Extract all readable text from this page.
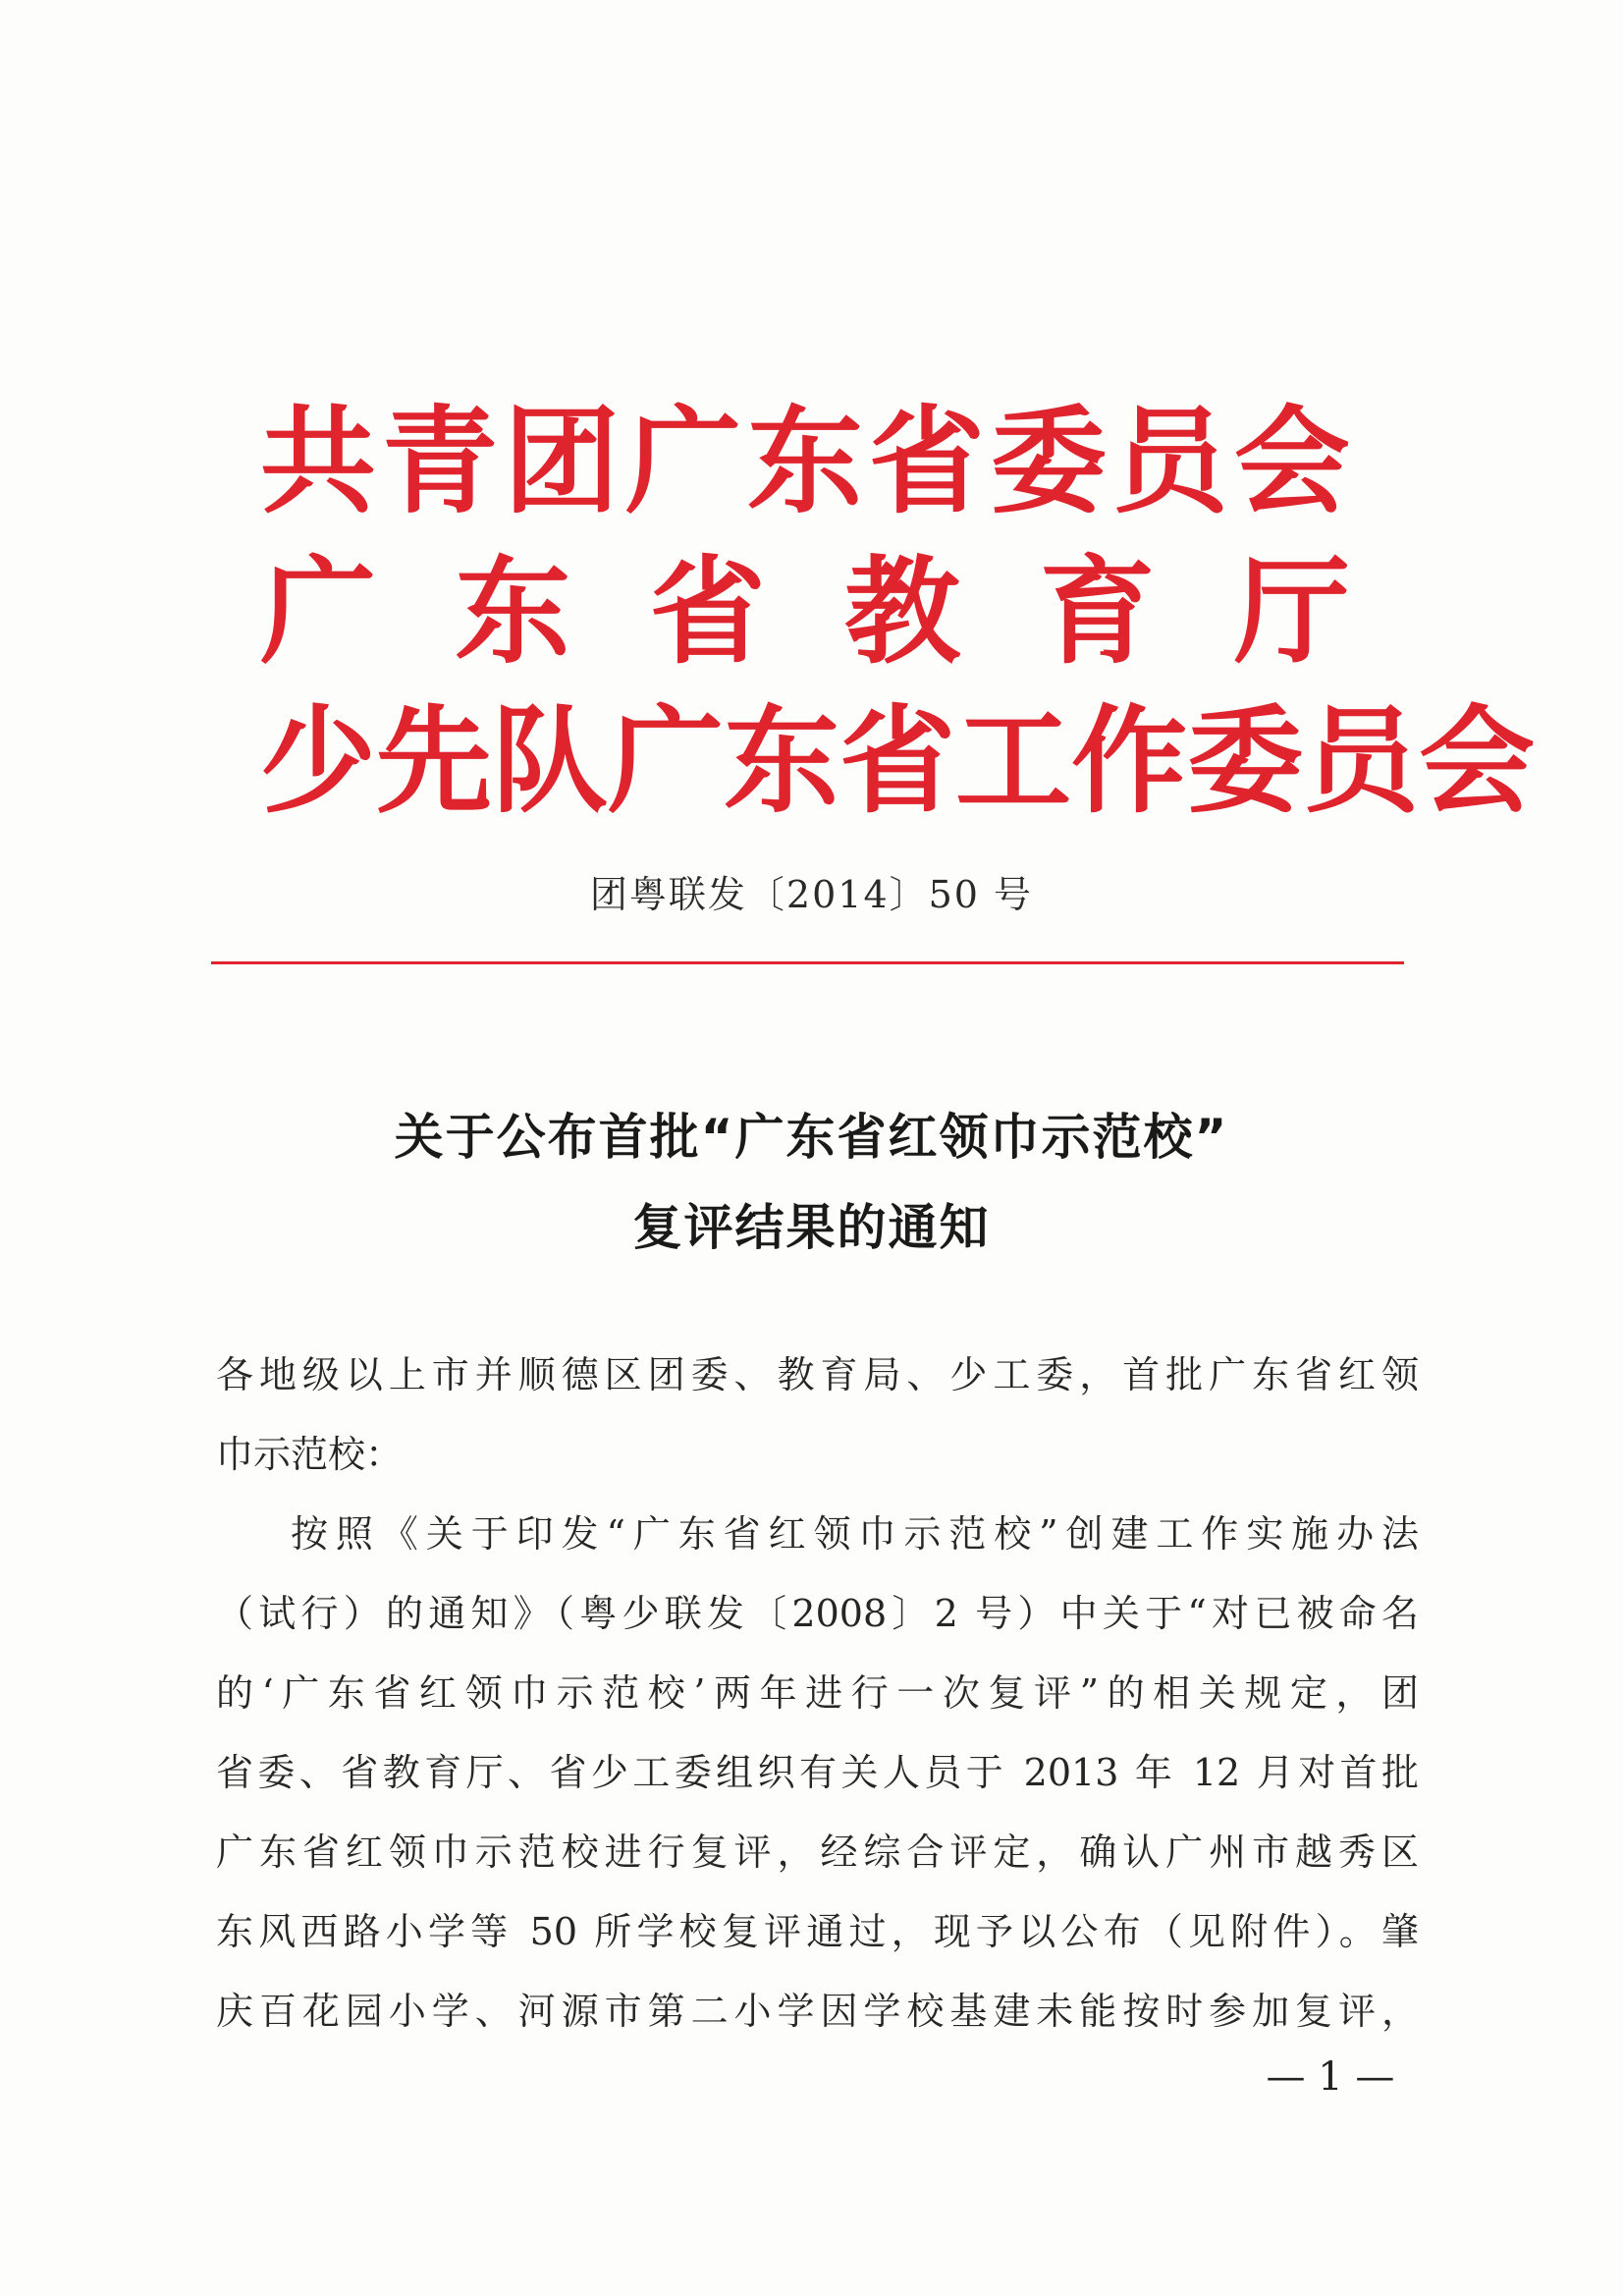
共 青 团 广 东 省 委 员 会
广 东 省 教 育 厅
少 先 队 广 东 省 工 作 委 员 会
团粤联发〔2014〕50 号
关于公布首批“广东省红领巾示范校”
复评结果的通知

各地级以上市并顺德区团委、教育局、少工委，首批广东省红领

巾示范校：

按照《关于印发“广东省红领巾示范校”创建工作实施办法

（试行）的通知》（粤少联发〔2008〕2 号）中关于“对已被命名

的‘广东省红领巾示范校’两年进行一次复评”的相关规定，团

省委、省教育厅、省少工委组织有关人员于 2013 年 12 月对首批

广东省红领巾示范校进行复评，经综合评定，确认广州市越秀区

东风西路小学等 50 所学校复评通过，现予以公布（见附件）。肇

庆百花园小学、河源市第二小学因学校基建未能按时参加复评，

— 1 —
